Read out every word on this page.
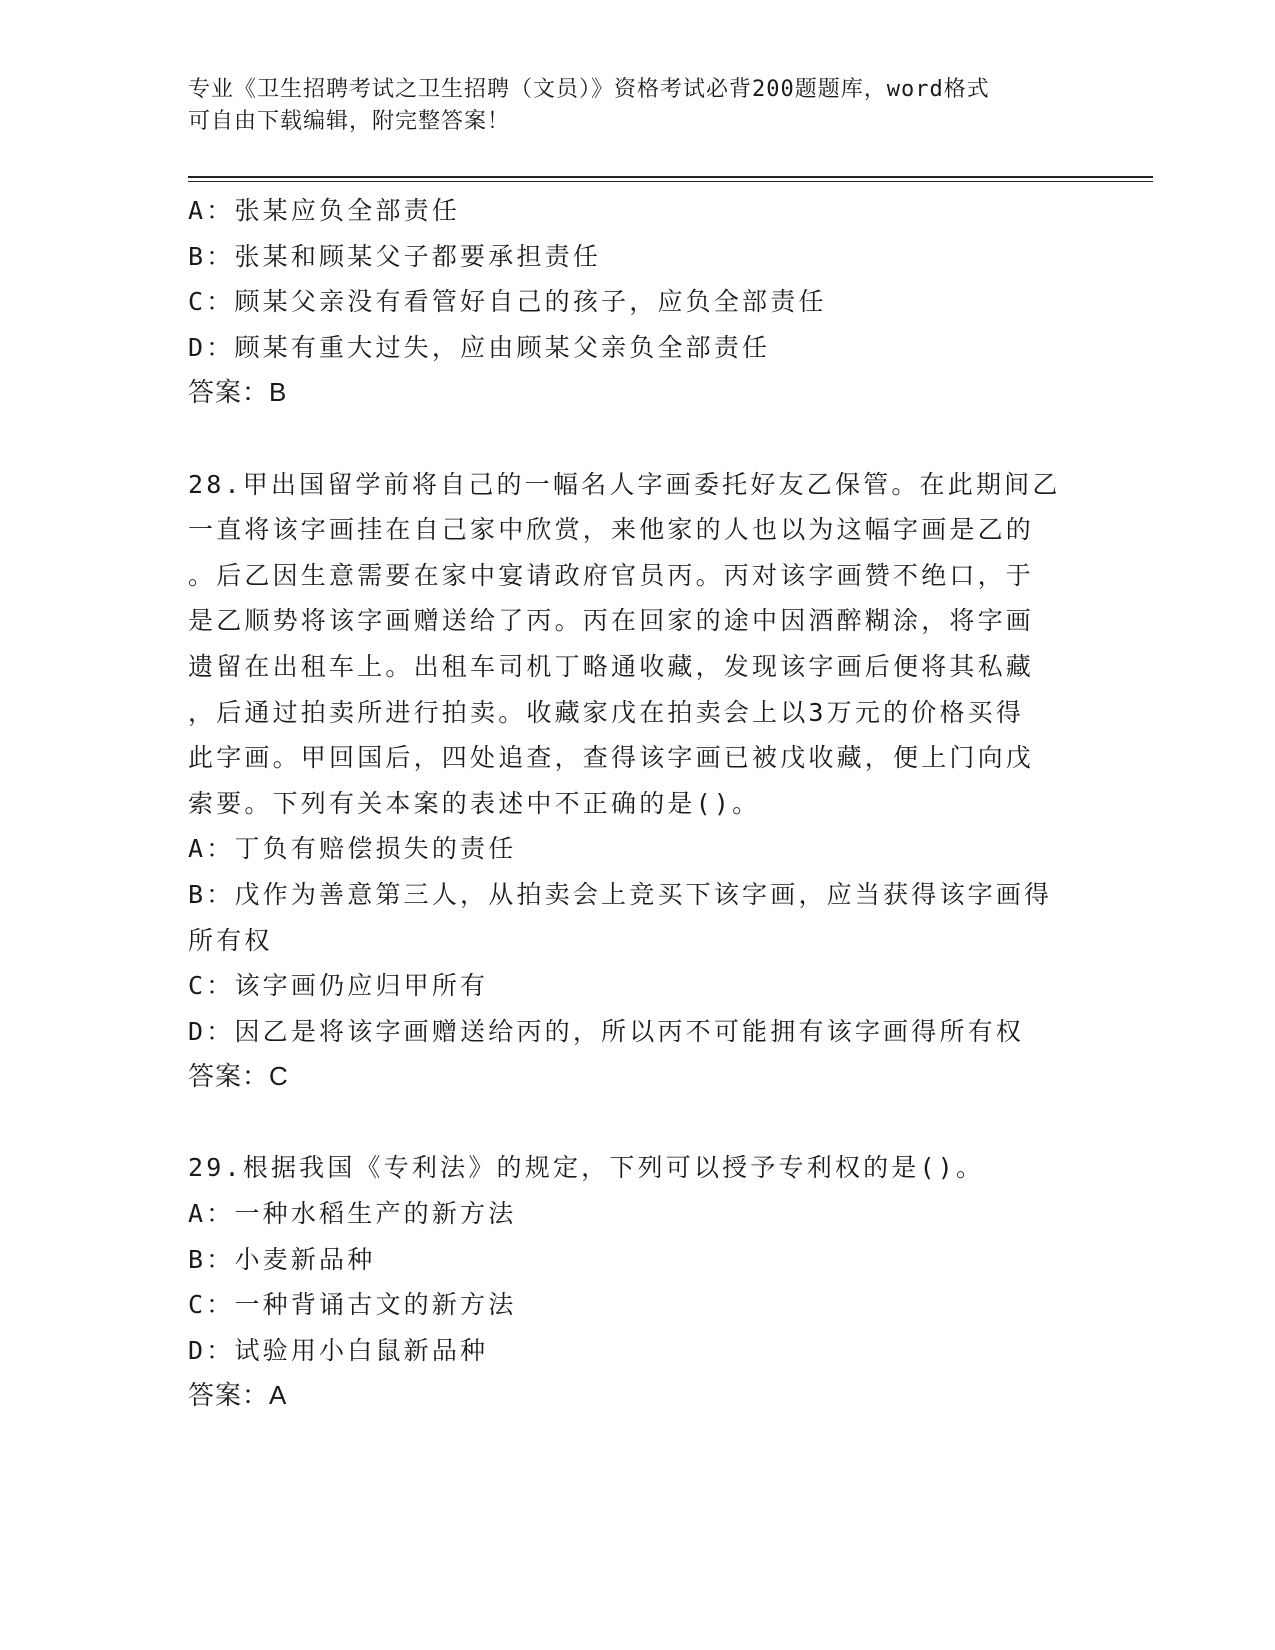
专业《卫生招聘考试之卫生招聘（文员）》资格考试必背200题题库，word格式
可自由下载编辑，附完整答案！
A：张某应负全部责任
B：张某和顾某父子都要承担责任
C：顾某父亲没有看管好自己的孩子，应负全部责任
D：顾某有重大过失，应由顾某父亲负全部责任
答案：B
28.甲出国留学前将自己的一幅名人字画委托好友乙保管。在此期间乙
一直将该字画挂在自己家中欣赏，来他家的人也以为这幅字画是乙的
。后乙因生意需要在家中宴请政府官员丙。丙对该字画赞不绝口，于
是乙顺势将该字画赠送给了丙。丙在回家的途中因酒醉糊涂，将字画
遗留在出租车上。出租车司机丁略通收藏，发现该字画后便将其私藏
，后通过拍卖所进行拍卖。收藏家戊在拍卖会上以3万元的价格买得
此字画。甲回国后，四处追查，查得该字画已被戊收藏，便上门向戊
索要。下列有关本案的表述中不正确的是()。
A：丁负有赔偿损失的责任
B：戊作为善意第三人，从拍卖会上竞买下该字画，应当获得该字画得
所有权
C：该字画仍应归甲所有
D：因乙是将该字画赠送给丙的，所以丙不可能拥有该字画得所有权
答案：C
29.根据我国《专利法》的规定，下列可以授予专利权的是()。
A：一种水稻生产的新方法
B：小麦新品种
C：一种背诵古文的新方法
D：试验用小白鼠新品种
答案：A
